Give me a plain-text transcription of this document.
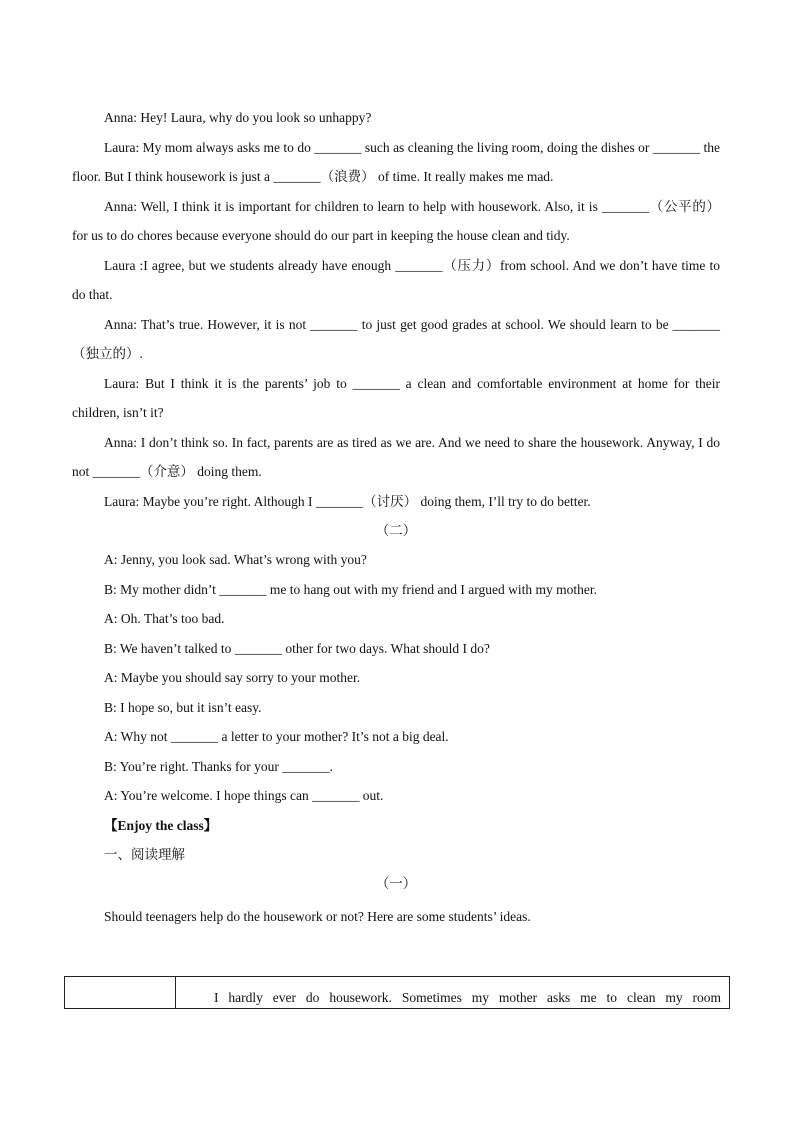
Anna: Hey! Laura, why do you look so unhappy?

Laura: My mom always asks me to do _______ such as cleaning the living room, doing the dishes or _______ the floor. But I think housework is just a _______（浪费） of time. It really makes me mad.

Anna: Well, I think it is important for children to learn to help with housework. Also, it is _______（公平的） for us to do chores because everyone should do our part in keeping the house clean and tidy.

Laura :I agree, but we students already have enough _______（压力）from school. And we don’t have time to do that.

Anna: That’s true. However, it is not _______ to just get good grades at school. We should learn to be _______（独立的）.

Laura: But I think it is the parents’ job to _______ a clean and comfortable environment at home for their children, isn’t it?

Anna: I don’t think so. In fact, parents are as tired as we are. And we need to share the housework. Anyway, I do not _______（介意） doing them.

Laura: Maybe you’re right. Although I _______（讨厌） doing them, I’ll try to do better.

（二）

A: Jenny, you look sad. What’s wrong with you?

B: My mother didn’t _______ me to hang out with my friend and I argued with my mother.

A: Oh. That’s too bad.

B: We haven’t talked to _______ other for two days. What should I do?

A: Maybe you should say sorry to your mother.

B: I hope so, but it isn’t easy.

A: Why not _______ a letter to your mother? It’s not a big deal.

B: You’re right. Thanks for your _______.

A: You’re welcome. I hope things can _______ out.

【Enjoy the class】

一、阅读理解

（一）

Should teenagers help do the housework or not? Here are some students’ ideas.

	I hardly ever do housework. Sometimes my mother asks me to clean my room
